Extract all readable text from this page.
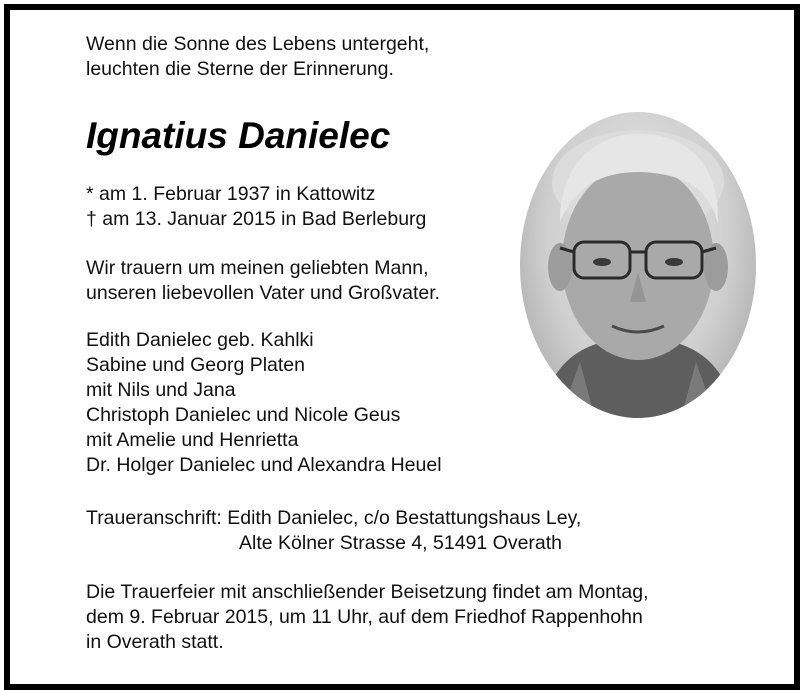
Wenn die Sonne des Lebens untergeht,
leuchten die Sterne der Erinnerung.
Ignatius Danielec
* am 1. Februar 1937 in Kattowitz
† am 13. Januar 2015 in Bad Berleburg
Wir trauern um meinen geliebten Mann,
unseren liebevollen Vater und Großvater.
Edith Danielec geb. Kahlki
Sabine und Georg Platen
mit Nils und Jana
Christoph Danielec und Nicole Geus
mit Amelie und Henrietta
Dr. Holger Danielec und Alexandra Heuel
Traueranschrift: Edith Danielec, c/o Bestattungshaus Ley,
Alte Kölner Strasse 4, 51491 Overath
Die Trauerfeier mit anschließender Beisetzung findet am Montag,
dem 9. Februar 2015, um 11 Uhr, auf dem Friedhof Rappenhohn
in Overath statt.
